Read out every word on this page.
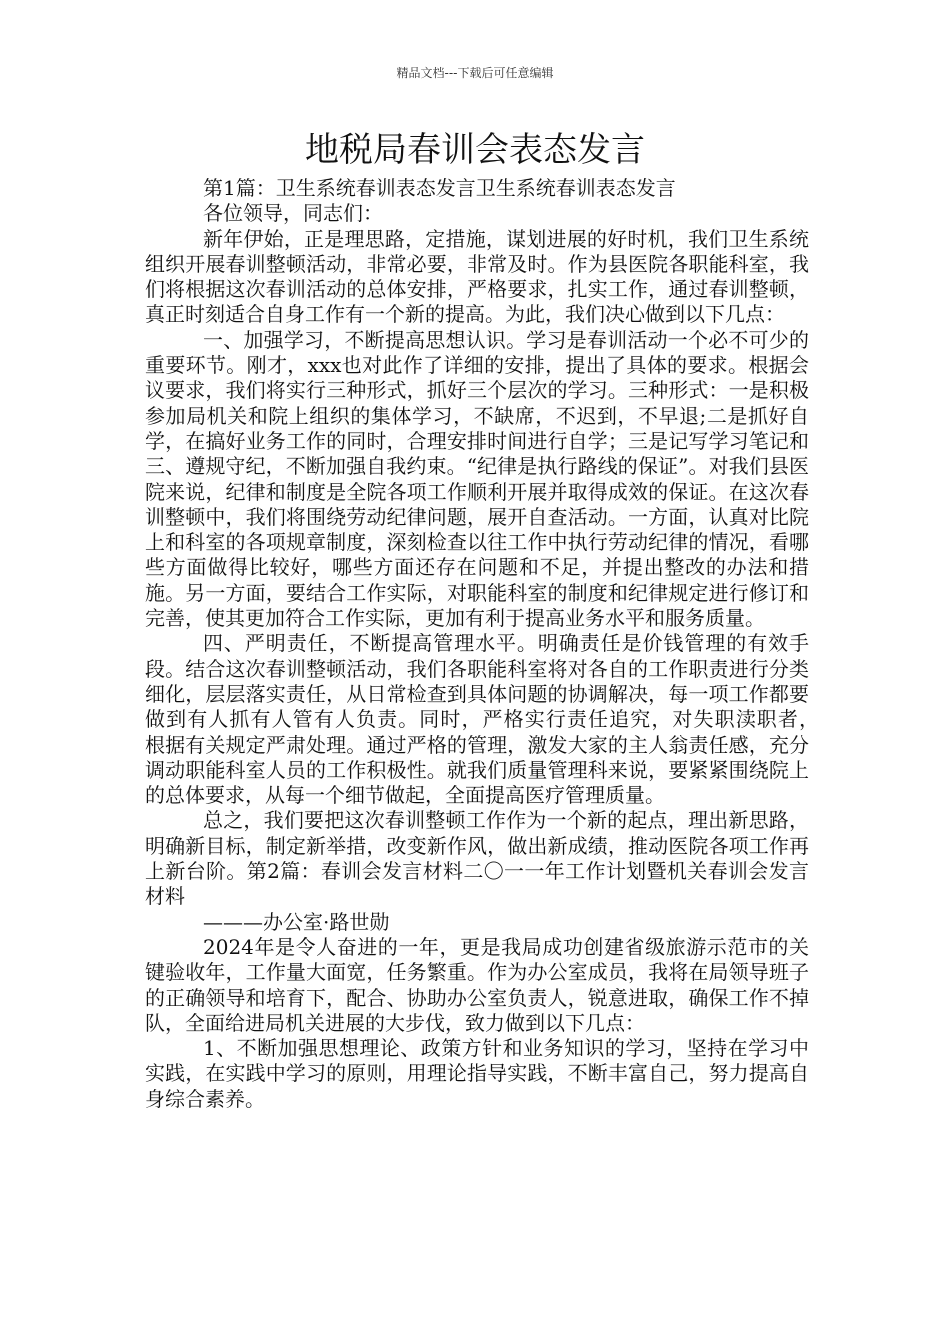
精品文档---下载后可任意编辑
地税局春训会表态发言

第1篇：卫生系统春训表态发言卫生系统春训表态发言

各位领导，同志们：

新年伊始，正是理思路，定措施，谋划进展的好时机，我们卫生系统组织开展春训整顿活动，非常必要，非常及时。作为县医院各职能科室，我们将根据这次春训活动的总体安排，严格要求，扎实工作，通过春训整顿，真正时刻适合自身工作有一个新的提高。为此，我们决心做到以下几点：

一、加强学习，不断提高思想认识。学习是春训活动一个必不可少的重要环节。刚才，xxx也对此作了详细的安排，提出了具体的要求。根据会议要求，我们将实行三种形式，抓好三个层次的学习。三种形式：一是积极参加局机关和院上组织的集体学习，不缺席，不迟到，不早退;二是抓好自学，在搞好业务工作的同时，合理安排时间进行自学；三是记写学习笔记和三、遵规守纪，不断加强自我约束。“纪律是执行路线的保证”。对我们县医院来说，纪律和制度是全院各项工作顺利开展并取得成效的保证。在这次春训整顿中，我们将围绕劳动纪律问题，展开自查活动。一方面，认真对比院上和科室的各项规章制度，深刻检查以往工作中执行劳动纪律的情况，看哪些方面做得比较好，哪些方面还存在问题和不足，并提出整改的办法和措施。另一方面，要结合工作实际，对职能科室的制度和纪律规定进行修订和完善，使其更加符合工作实际，更加有利于提高业务水平和服务质量。

四、严明责任，不断提高管理水平。明确责任是价钱管理的有效手段。结合这次春训整顿活动，我们各职能科室将对各自的工作职责进行分类细化，层层落实责任，从日常检查到具体问题的协调解决，每一项工作都要做到有人抓有人管有人负责。同时，严格实行责任追究，对失职渎职者，　　根据有关规定严肃处理。通过严格的管理，激发大家的主人翁责任感，充分调动职能科室人员的工作积极性。就我们质量管理科来说，要紧紧围绕院上的总体要求，从每一个细节做起，全面提高医疗管理质量。

总之，我们要把这次春训整顿工作作为一个新的起点，理出新思路，明确新目标，制定新举措，改变新作风，做出新成绩，推动医院各项工作再上新台阶。第2篇：春训会发言材料二〇一一年工作计划暨机关春训会发言材料

———办公室·路世勋

2024年是令人奋进的一年，更是我局成功创建省级旅游示范市的关键验收年，工作量大面宽，任务繁重。作为办公室成员，我将在局领导班子的正确领导和培育下，配合、协助办公室负责人，锐意进取，确保工作不掉队，全面给进局机关进展的大步伐，致力做到以下几点：

1、不断加强思想理论、政策方针和业务知识的学习，坚持在学习中实践，在实践中学习的原则，用理论指导实践，不断丰富自己，努力提高自身综合素养。
